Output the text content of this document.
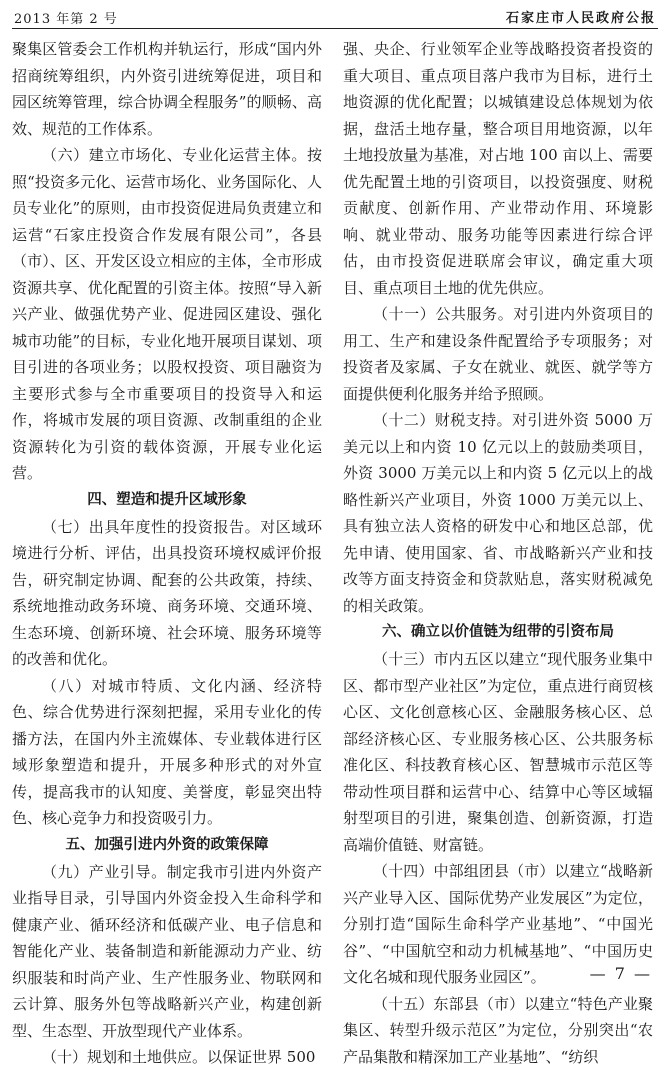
2013 年第 2 号	石家庄市人民政府公报

聚集区管委会工作机构并轨运行，形成“国内外招商统筹组织，内外资引进统筹促进，项目和园区统筹管理，综合协调全程服务”的顺畅、高效、规范的工作体系。

（六）建立市场化、专业化运营主体。按照“投资多元化、运营市场化、业务国际化、人员专业化”的原则，由市投资促进局负责建立和运营“石家庄投资合作发展有限公司”，各县（市）、区、开发区设立相应的主体，全市形成资源共享、优化配置的引资主体。按照“导入新兴产业、做强优势产业、促进园区建设、强化城市功能”的目标，专业化地开展项目谋划、项目引进的各项业务；以股权投资、项目融资为主要形式参与全市重要项目的投资导入和运作，将城市发展的项目资源、改制重组的企业资源转化为引资的载体资源，开展专业化运营。

四、塑造和提升区域形象

（七）出具年度性的投资报告。对区域环境进行分析、评估，出具投资环境权威评价报告，研究制定协调、配套的公共政策，持续、系统地推动政务环境、商务环境、交通环境、生态环境、创新环境、社会环境、服务环境等的改善和优化。

（八）对城市特质、文化内涵、经济特色、综合优势进行深刻把握，采用专业化的传播方法，在国内外主流媒体、专业载体进行区域形象塑造和提升，开展多种形式的对外宣传，提高我市的认知度、美誉度，彰显突出特色、核心竞争力和投资吸引力。

五、加强引进内外资的政策保障

（九）产业引导。制定我市引进内外资产业指导目录，引导国内外资金投入生命科学和健康产业、循环经济和低碳产业、电子信息和智能化产业、装备制造和新能源动力产业、纺织服装和时尚产业、生产性服务业、物联网和云计算、服务外包等战略新兴产业，构建创新型、生态型、开放型现代产业体系。

（十）规划和土地供应。以保证世界 500

强、央企、行业领军企业等战略投资者投资的重大项目、重点项目落户我市为目标，进行土地资源的优化配置；以城镇建设总体规划为依据，盘活土地存量，整合项目用地资源，以年土地投放量为基准，对占地 100 亩以上、需要优先配置土地的引资项目，以投资强度、财税贡献度、创新作用、产业带动作用、环境影响、就业带动、服务功能等因素进行综合评估，由市投资促进联席会审议，确定重大项目、重点项目土地的优先供应。

（十一）公共服务。对引进内外资项目的用工、生产和建设条件配置给予专项服务；对投资者及家属、子女在就业、就医、就学等方面提供便利化服务并给予照顾。

（十二）财税支持。对引进外资 5000 万美元以上和内资 10 亿元以上的鼓励类项目，外资 3000 万美元以上和内资 5 亿元以上的战略性新兴产业项目，外资 1000 万美元以上、具有独立法人资格的研发中心和地区总部，优先申请、使用国家、省、市战略新兴产业和技改等方面支持资金和贷款贴息，落实财税减免的相关政策。

六、确立以价值链为纽带的引资布局

（十三）市内五区以建立“现代服务业集中区、都市型产业社区”为定位，重点进行商贸核心区、文化创意核心区、金融服务核心区、总部经济核心区、专业服务核心区、公共服务标准化区、科技教育核心区、智慧城市示范区等带动性项目群和运营中心、结算中心等区域辐射型项目的引进，聚集创造、创新资源，打造高端价值链、财富链。

（十四）中部组团县（市）以建立“战略新兴产业导入区、国际优势产业发展区”为定位，分别打造“国际生命科学产业基地”、“中国光谷”、“中国航空和动力机械基地”、“中国历史文化名城和现代服务业园区”。

（十五）东部县（市）以建立“特色产业聚集区、转型升级示范区”为定位，分别突出“农产品集散和精深加工产业基地”、“纺织

— 7 —
